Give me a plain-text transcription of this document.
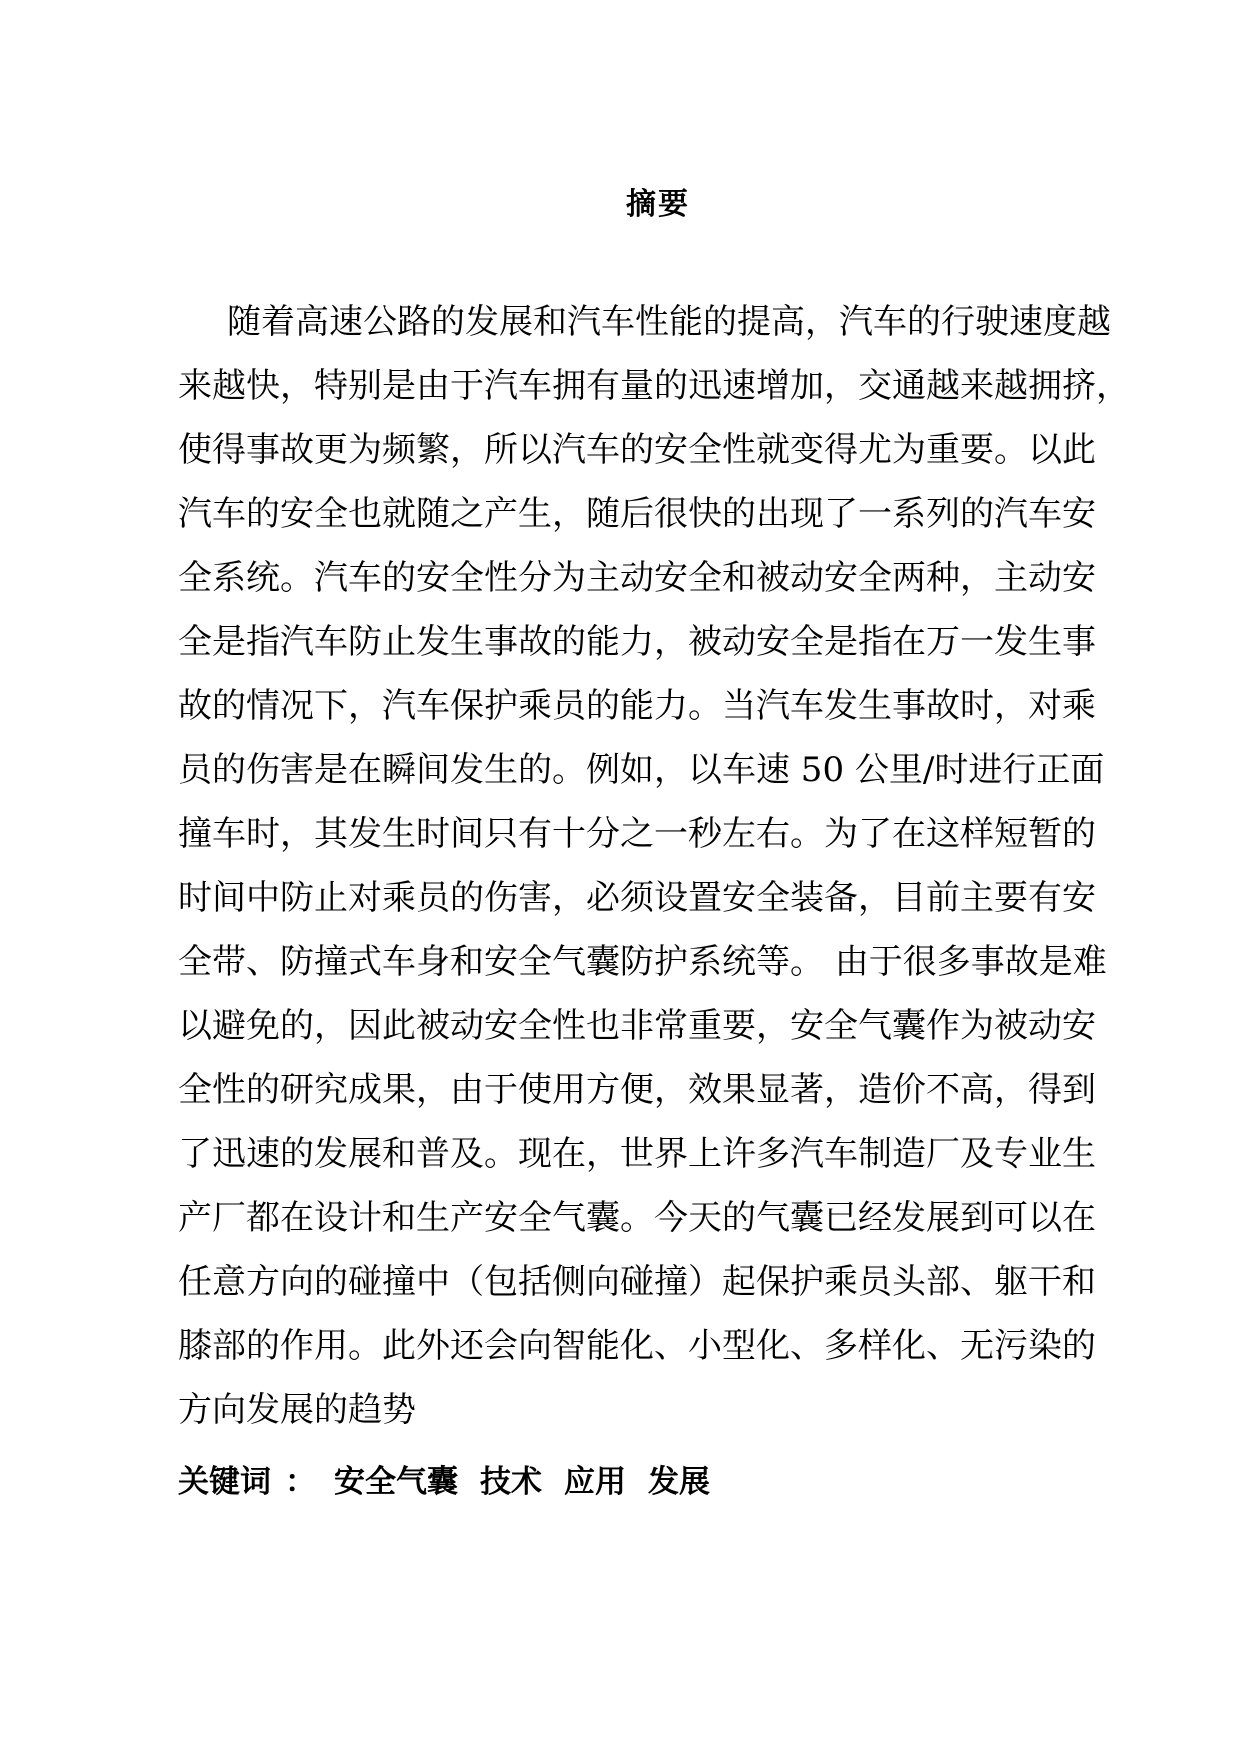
摘要
随着高速公路的发展和汽车性能的提高，汽车的行驶速度越
来越快，特别是由于汽车拥有量的迅速增加，交通越来越拥挤，
使得事故更为频繁，所以汽车的安全性就变得尤为重要。以此
汽车的安全也就随之产生，随后很快的出现了一系列的汽车安
全系统。汽车的安全性分为主动安全和被动安全两种，主动安
全是指汽车防止发生事故的能力，被动安全是指在万一发生事
故的情况下，汽车保护乘员的能力。当汽车发生事故时，对乘
员的伤害是在瞬间发生的。例如，以车速 50 公里/时进行正面
撞车时，其发生时间只有十分之一秒左右。为了在这样短暂的
时间中防止对乘员的伤害，必须设置安全装备，目前主要有安
全带、防撞式车身和安全气囊防护系统等。 由于很多事故是难
以避免的，因此被动安全性也非常重要，安全气囊作为被动安
全性的研究成果，由于使用方便，效果显著，造价不高，得到
了迅速的发展和普及。现在，世界上许多汽车制造厂及专业生
产厂都在设计和生产安全气囊。今天的气囊已经发展到可以在
任意方向的碰撞中（包括侧向碰撞）起保护乘员头部、躯干和
膝部的作用。此外还会向智能化、小型化、多样化、无污染的
方向发展的趋势
关键词 ： 安全气囊 技术 应用 发展
